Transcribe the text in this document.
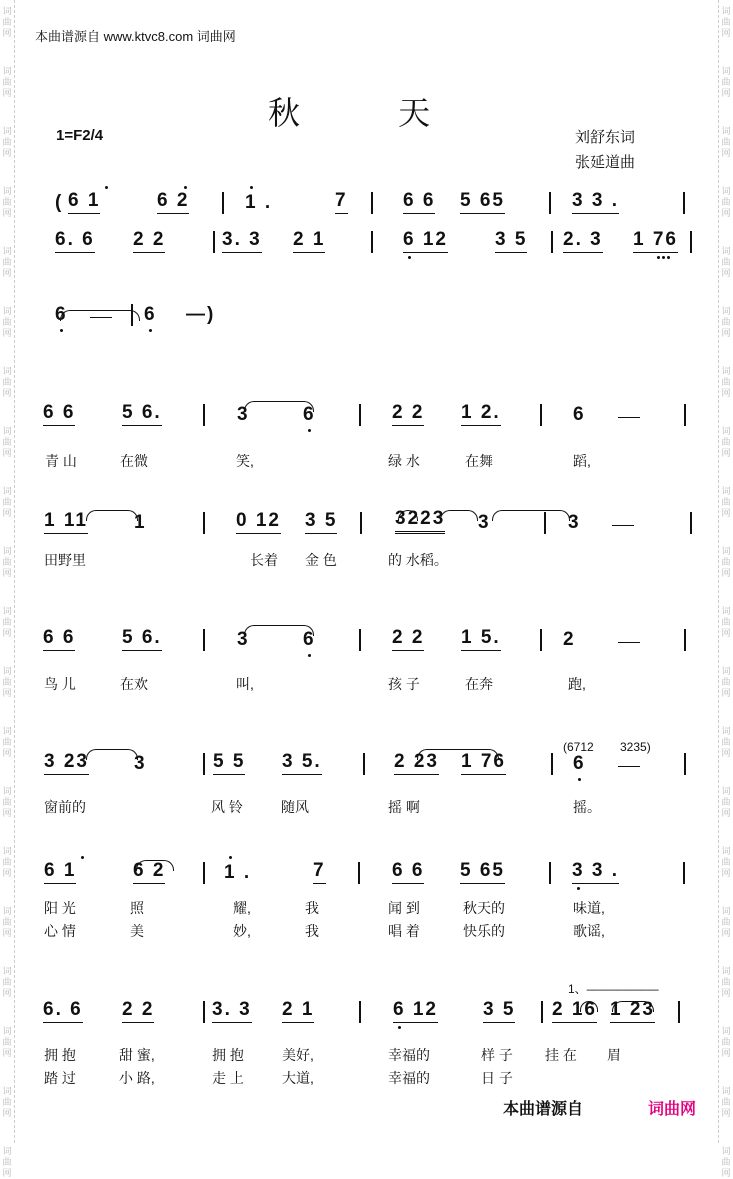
词
曲
网
词
曲
网
词
曲
网
词
曲
网
词
曲
网
词
曲
网
词
曲
网
词
曲
网
词
曲
网
词
曲
网
词
曲
网
词
曲
网
词
曲
网
词
曲
网
词
曲
网
词
曲
网
词
曲
网
词
曲
网
词
曲
网
词
曲
网
词
曲
网
词
曲
网
词
曲
网
词
曲
网
词
曲
网
词
曲
网
词
曲
网
词
曲
网
词
曲
网
词
曲
网
词
曲
网
词
曲
网
词
曲
网
词
曲
网
词
曲
网
词
曲
网
词
曲
网
词
曲
网
词
曲
网
词
曲
网
本曲谱源自 www.ktvc8.com 词曲网
秋 天
1=F2/4	刘舒东词
张延道曲
( 6 1	6 2	1 .	7	6 6 5 65	3 3 .
6. 6 2 2	3. 3 2 1	6 12 3 5 2. 3 1 76
6	6 —)
6 6 5 6.	3	6	2 2 1 2.	6
青 山	在微	笑,	绿 水	在舞	蹈,
1 11 1	0 12 3 5	3223 3	3
田野里	长着 金 色	的 水稻。
6 6 5 6.	3	6	2 2 1 5.	2
鸟 儿	在欢	叫,	孩 子	在奔	跑,
3 23 3	5 5 3 5.	2 23 1 76	6
(6712 3235)
窗前的	风 铃	随风	摇 啊	摇。
6 1	6 2	1 .	7	6 6 5 65	3 3 .
阳 光	照	耀,	我	闻 到	秋天的	味道,
心 情	美	妙,	我	唱 着	快乐的	歌谣,
6. 6 2 2	3. 3 2 1	6 12 3 5 2 16 1 23
1、——————
拥 抱	甜 蜜,	拥 抱	美好,	幸福的	样 子 挂 在 眉
踏 过	小 路,	走 上	大道,	幸福的	日 子
本曲谱源自	词曲网
